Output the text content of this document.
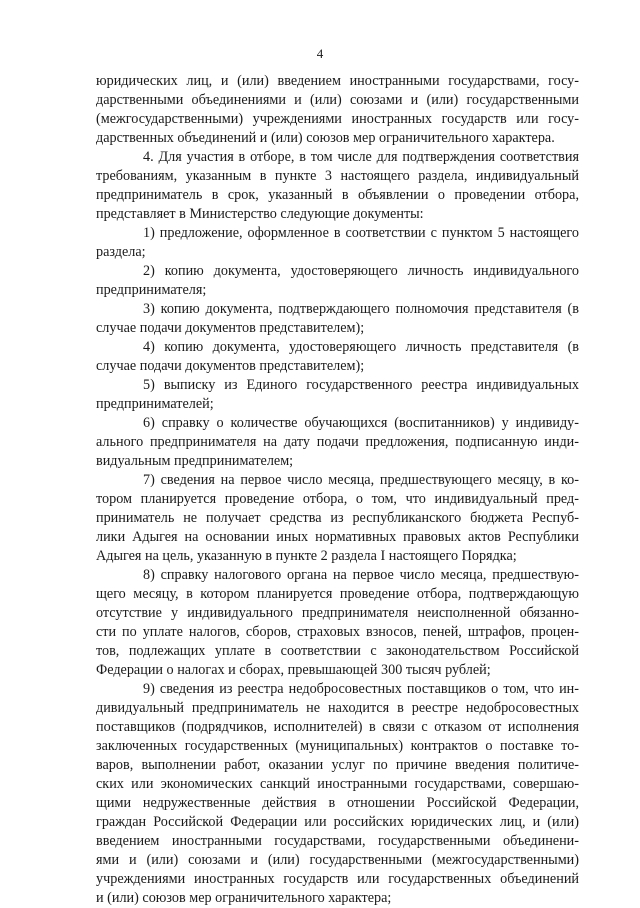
4
юридических лиц, и (или) введением иностранными государствами, госу-
дарственными объединениями и (или) союзами и (или) государственными
(межгосударственными) учреждениями иностранных государств или госу-
дарственных объединений и (или) союзов мер ограничительного характера.
4. Для участия в отборе, в том числе для подтверждения соответствия
требованиям, указанным в пункте 3 настоящего раздела, индивидуальный
предприниматель в срок, указанный в объявлении о проведении отбора,
представляет в Министерство следующие документы:
1) предложение, оформленное в соответствии с пунктом 5 настоящего
раздела;
2) копию документа, удостоверяющего личность индивидуального
предпринимателя;
3) копию документа, подтверждающего полномочия представителя (в
случае подачи документов представителем);
4) копию документа, удостоверяющего личность представителя (в
случае подачи документов представителем);
5) выписку из Единого государственного реестра индивидуальных
предпринимателей;
6) справку о количестве обучающихся (воспитанников) у индивиду-
ального предпринимателя на дату подачи предложения, подписанную инди-
видуальным предпринимателем;
7) сведения на первое число месяца, предшествующего месяцу, в ко-
тором планируется проведение отбора, о том, что индивидуальный пред-
приниматель не получает средства из республиканского бюджета Респуб-
лики Адыгея на основании иных нормативных правовых актов Республики
Адыгея на цель, указанную в пункте 2 раздела I настоящего Порядка;
8) справку налогового органа на первое число месяца, предшествую-
щего месяцу, в котором планируется проведение отбора, подтверждающую
отсутствие у индивидуального предпринимателя неисполненной обязанно-
сти по уплате налогов, сборов, страховых взносов, пеней, штрафов, процен-
тов, подлежащих уплате в соответствии с законодательством Российской
Федерации о налогах и сборах, превышающей 300 тысяч рублей;
9) сведения из реестра недобросовестных поставщиков о том, что ин-
дивидуальный предприниматель не находится в реестре недобросовестных
поставщиков (подрядчиков, исполнителей) в связи с отказом от исполнения
заключенных государственных (муниципальных) контрактов о поставке то-
варов, выполнении работ, оказании услуг по причине введения политиче-
ских или экономических санкций иностранными государствами, совершаю-
щими недружественные действия в отношении Российской Федерации,
граждан Российской Федерации или российских юридических лиц, и (или)
введением иностранными государствами, государственными объединени-
ями и (или) союзами и (или) государственными (межгосударственными)
учреждениями иностранных государств или государственных объединений
и (или) союзов мер ограничительного характера;
